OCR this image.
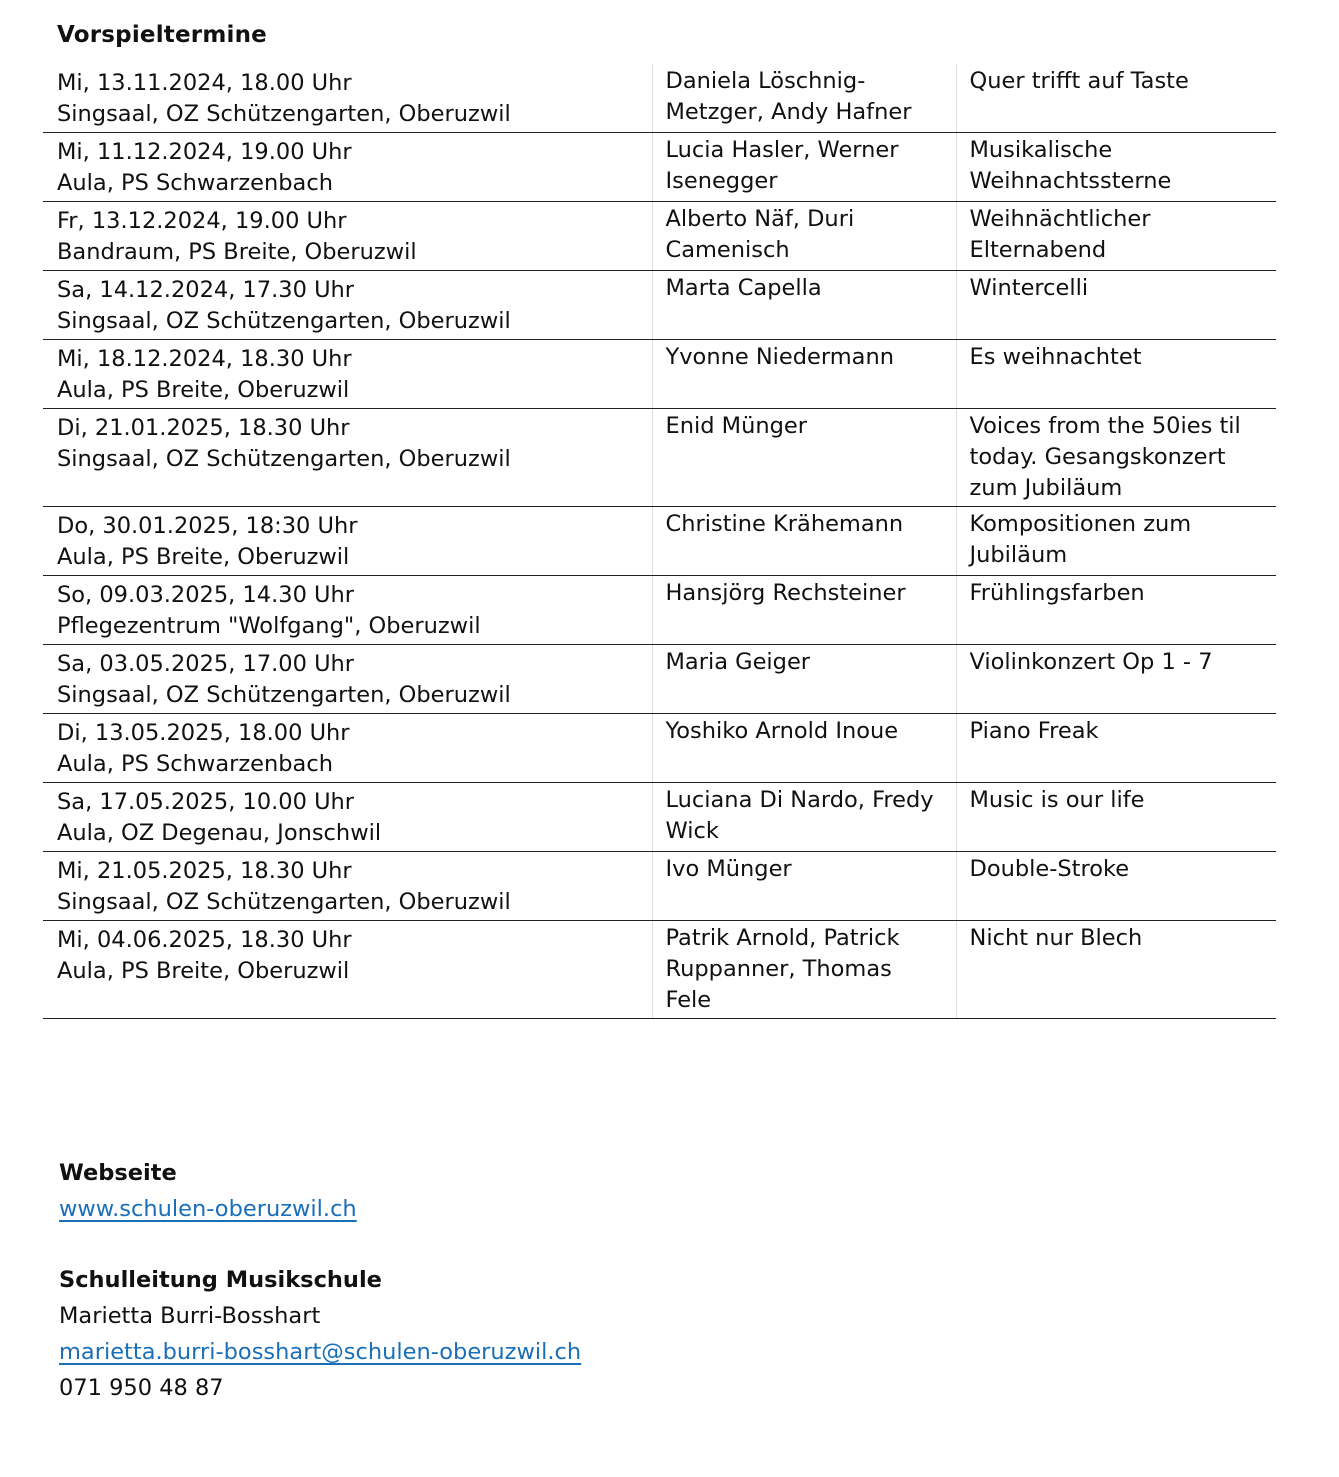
Vorspieltermine
Mi, 13.11.2024, 18.00 Uhr
Singsaal, OZ Schützengarten, Oberuzwil	Daniela Löschnig-Metzger, Andy Hafner	Quer trifft auf Taste

Mi, 11.12.2024, 19.00 Uhr
Aula, PS Schwarzenbach	Lucia Hasler, Werner Isenegger	Musikalische Weihnachtssterne

Fr, 13.12.2024, 19.00 Uhr
Bandraum, PS Breite, Oberuzwil	Alberto Näf, Duri Camenisch	Weihnächtlicher Elternabend

Sa, 14.12.2024, 17.30 Uhr
Singsaal, OZ Schützengarten, Oberuzwil	Marta Capella	Wintercelli

Mi, 18.12.2024, 18.30 Uhr
Aula, PS Breite, Oberuzwil	Yvonne Niedermann	Es weihnachtet

Di, 21.01.2025, 18.30 Uhr
Singsaal, OZ Schützengarten, Oberuzwil	Enid Münger	Voices from the 50ies til today. Gesangskonzert zum Jubiläum

Do, 30.01.2025, 18:30 Uhr
Aula, PS Breite, Oberuzwil	Christine Krähemann	Kompositionen zum Jubiläum

So, 09.03.2025, 14.30 Uhr
Pflegezentrum "Wolfgang", Oberuzwil	Hansjörg Rechsteiner	Frühlingsfarben

Sa, 03.05.2025, 17.00 Uhr
Singsaal, OZ Schützengarten, Oberuzwil	Maria Geiger	Violinkonzert Op 1 - 7

Di, 13.05.2025, 18.00 Uhr
Aula, PS Schwarzenbach	Yoshiko Arnold Inoue	Piano Freak

Sa, 17.05.2025, 10.00 Uhr
Aula, OZ Degenau, Jonschwil	Luciana Di Nardo, Fredy Wick	Music is our life

Mi, 21.05.2025, 18.30 Uhr
Singsaal, OZ Schützengarten, Oberuzwil	Ivo Münger	Double-Stroke

Mi, 04.06.2025, 18.30 Uhr
Aula, PS Breite, Oberuzwil	Patrik Arnold, Patrick Ruppanner, Thomas Fele	Nicht nur Blech
Webseite
www.schulen-oberuzwil.ch
Schulleitung Musikschule
Marietta Burri-Bosshart
marietta.burri-bosshart@schulen-oberuzwil.ch
071 950 48 87
